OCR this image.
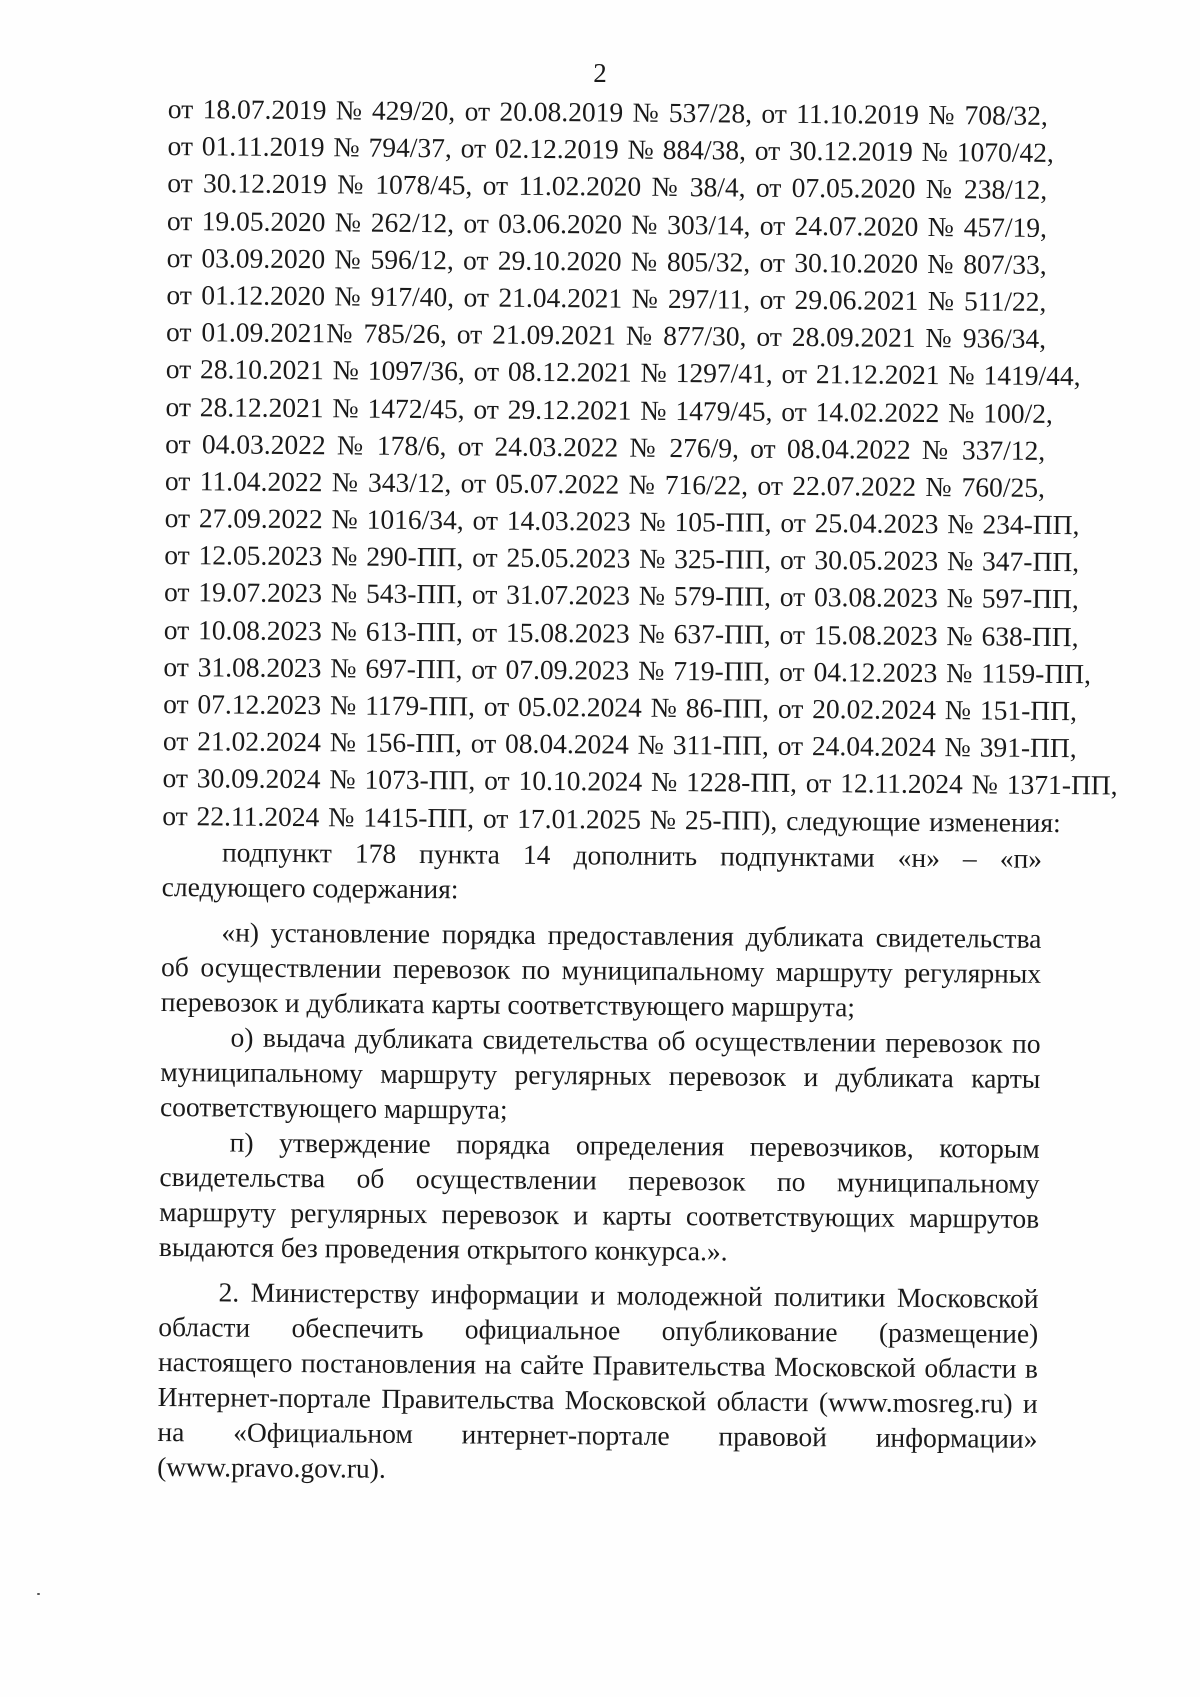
2
от 18.07.2019 № 429/20, от 20.08.2019 № 537/28, от 11.10.2019 № 708/32,
от 01.11.2019 № 794/37, от 02.12.2019 № 884/38, от 30.12.2019 № 1070/42,
от 30.12.2019 № 1078/45, от 11.02.2020 № 38/4, от 07.05.2020 № 238/12,
от 19.05.2020 № 262/12, от 03.06.2020 № 303/14, от 24.07.2020 № 457/19,
от 03.09.2020 № 596/12, от 29.10.2020 № 805/32, от 30.10.2020 № 807/33,
от 01.12.2020 № 917/40, от 21.04.2021 № 297/11, от 29.06.2021 № 511/22,
от 01.09.2021№ 785/26, от 21.09.2021 № 877/30, от 28.09.2021 № 936/34,
от 28.10.2021 № 1097/36, от 08.12.2021 № 1297/41, от 21.12.2021 № 1419/44,
от 28.12.2021 № 1472/45, от 29.12.2021 № 1479/45, от 14.02.2022 № 100/2,
от 04.03.2022 № 178/6, от 24.03.2022 № 276/9, от 08.04.2022 № 337/12,
от 11.04.2022 № 343/12, от 05.07.2022 № 716/22, от 22.07.2022 № 760/25,
от 27.09.2022 № 1016/34, от 14.03.2023 № 105-ПП, от 25.04.2023 № 234-ПП,
от 12.05.2023 № 290-ПП, от 25.05.2023 № 325-ПП, от 30.05.2023 № 347-ПП,
от 19.07.2023 № 543-ПП, от 31.07.2023 № 579-ПП, от 03.08.2023 № 597-ПП,
от 10.08.2023 № 613-ПП, от 15.08.2023 № 637-ПП, от 15.08.2023 № 638-ПП,
от 31.08.2023 № 697-ПП, от 07.09.2023 № 719-ПП, от 04.12.2023 № 1159-ПП,
от 07.12.2023 № 1179-ПП, от 05.02.2024 № 86-ПП, от 20.02.2024 № 151-ПП,
от 21.02.2024 № 156-ПП, от 08.04.2024 № 311-ПП, от 24.04.2024 № 391-ПП,
от 30.09.2024 № 1073-ПП, от 10.10.2024 № 1228-ПП, от 12.11.2024 № 1371-ПП,
от 22.11.2024 № 1415-ПП, от 17.01.2025 № 25-ПП), следующие изменения:

подпункт 178 пункта 14 дополнить подпунктами «н» – «п» следующего содержания:

«н) установление порядка предоставления дубликата свидетельства об осуществлении перевозок по муниципальному маршруту регулярных перевозок и дубликата карты соответствующего маршрута;

о) выдача дубликата свидетельства об осуществлении перевозок по муниципальному маршруту регулярных перевозок и дубликата карты соответствующего маршрута;

п) утверждение порядка определения перевозчиков, которым свидетельства об осуществлении перевозок по муниципальному маршруту регулярных перевозок и карты соответствующих маршрутов выдаются без проведения открытого конкурса.».

2. Министерству информации и молодежной политики Московской области обеспечить официальное опубликование (размещение) настоящего постановления на сайте Правительства Московской области в Интернет-портале Правительства Московской области (www.mosreg.ru) и на «Официальном интернет-портале правовой информации» (www.pravo.gov.ru).
